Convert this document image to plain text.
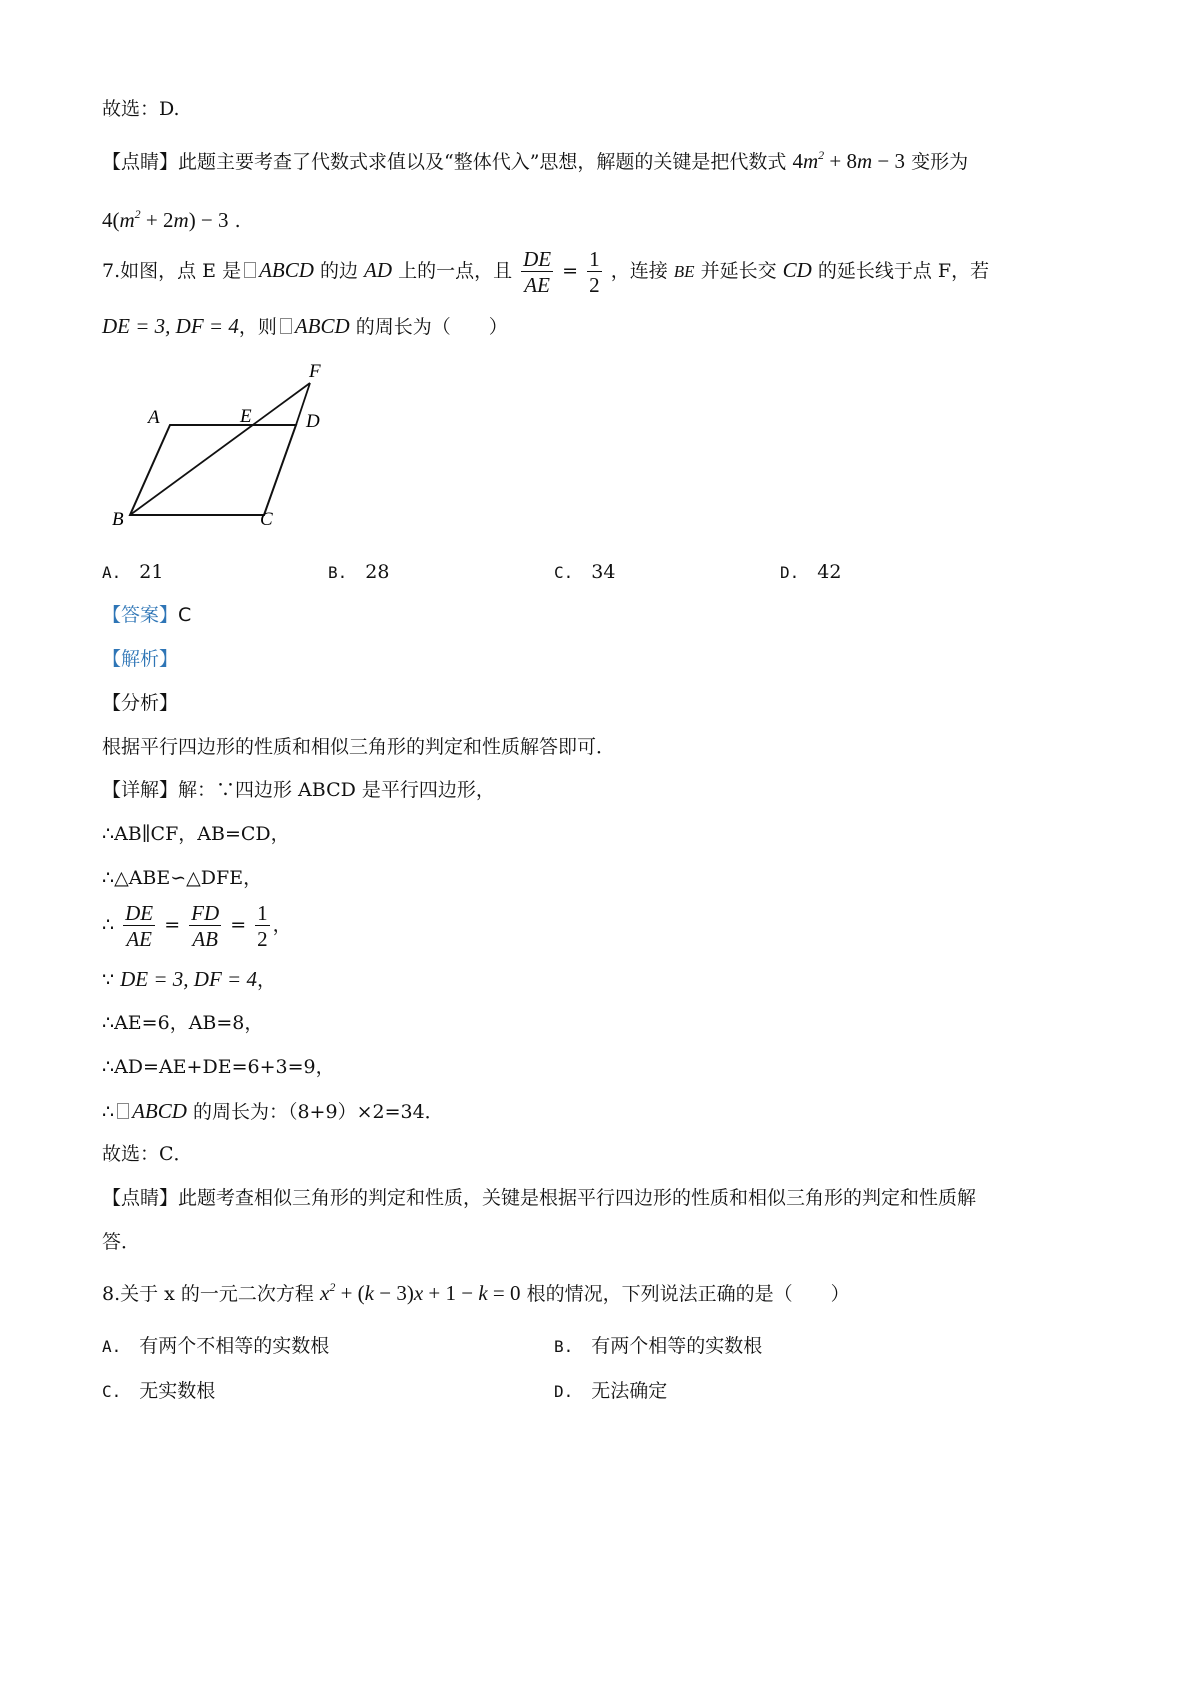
故选：D.
【点睛】此题主要考查了代数式求值以及“整体代入”思想，解题的关键是把代数式 $4m^2 + 8m - 3$ 变形为
$4(m^2 + 2m) - 3$ .
7.如图，点 E 是 ABCD 的边 AD 上的一点，且 $\frac{DE}{AE} = \frac{1}{2}$ ，连接 BE 并延长交 CD 的延长线于点 F，若
DE = 3, DF = 4，则 ABCD 的周长为（　　）
A	E	D
F
B	C
A. 21	B. 28	C. 34	D. 42
【答案】C
【解析】
【分析】
根据平行四边形的性质和相似三角形的判定和性质解答即可．
【详解】解：∵四边形 ABCD 是平行四边形，
∴AB∥CF，AB=CD，
∴△ABE∽△DFE，
∴ $\frac{DE}{AE} = \frac{FD}{AB} = \frac{1}{2}$ ，
∵ DE = 3, DF = 4，
∴AE=6，AB=8，
∴AD=AE+DE=6+3=9，
∴ ABCD 的周长为：（8+9）×2=34．
故选：C．
【点睛】此题考查相似三角形的判定和性质，关键是根据平行四边形的性质和相似三角形的判定和性质解
答．
8.关于 x 的一元二次方程 $x^2 + (k - 3)x + 1 - k = 0$ 根的情况，下列说法正确的是（　　）
A. 有两个不相等的实数根	B. 有两个相等的实数根
C. 无实数根	D. 无法确定
